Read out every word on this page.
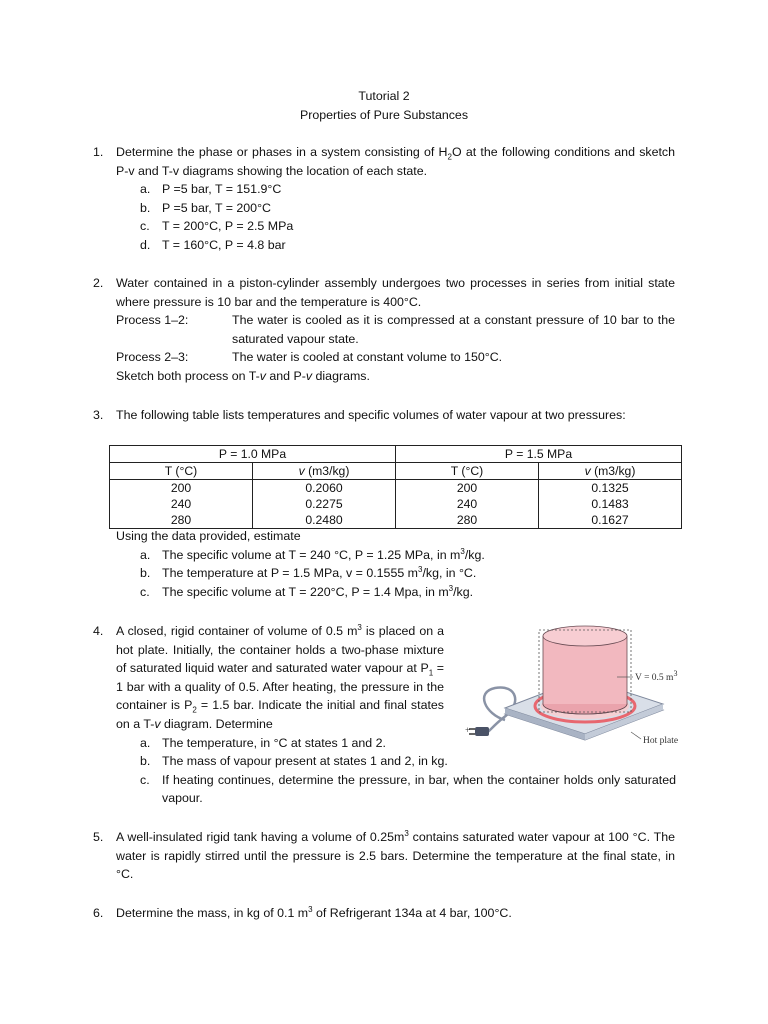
Tutorial 2
Properties of Pure Substances
1.	Determine the phase or phases in a system consisting of $H_2O$ at the following conditions and sketch P-v and T-v diagrams showing the location of each state.
a. P =5 bar, T = 151.9°C
b. P =5 bar, T = 200°C
c. T = 200°C, P = 2.5 MPa
d. T = 160°C, P = 4.8 bar
2.	Water contained in a piston-cylinder assembly undergoes two processes in series from initial state where pressure is 10 bar and the temperature is 400°C.
Process 1–2:	The water is cooled as it is compressed at a constant pressure of 10 bar to the saturated vapour state.
Process 2–3:	The water is cooled at constant volume to 150°C.
Sketch both process on T-v and P-v diagrams.
3.	The following table lists temperatures and specific volumes of water vapour at two pressures:
P = 1.0 MPa		P = 1.5 MPa	
T (°C)	v (m3/kg)	T (°C)	v (m3/kg)
200	0.2060	200	0.1325
240	0.2275	240	0.1483
280	0.2480	280	0.1627
Using the data provided, estimate
a. The specific volume at T = 240 °C, P = 1.25 MPa, in $m^3/kg$.
b. The temperature at P = 1.5 MPa, v = 0.1555 $m^3/kg$, in °C.
c. The specific volume at T = 220°C, P = 1.4 Mpa, in $m^3/kg$.
4.	A closed, rigid container of volume of 0.5 $m^3$ is placed on a hot plate. Initially, the container holds a two-phase mixture of saturated liquid water and saturated water vapour at $P_1 = 1$ bar with a quality of 0.5. After heating, the pressure in the container is $P_2 = 1.5$ bar. Indicate the initial and final states on a T-v diagram. Determine
a. The temperature, in °C at states 1 and 2.
b. The mass of vapour present at states 1 and 2, in kg.
c. If heating continues, determine the pressure, in bar, when the container holds only saturated vapour.
V = 0.5 $m^3$
Hot plate
+
5.	A well-insulated rigid tank having a volume of $0.25m^3$ contains saturated water vapour at 100 °C. The water is rapidly stirred until the pressure is 2.5 bars. Determine the temperature at the final state, in °C.
6.	Determine the mass, in kg of 0.1 $m^3$ of Refrigerant 134a at 4 bar, 100°C.
